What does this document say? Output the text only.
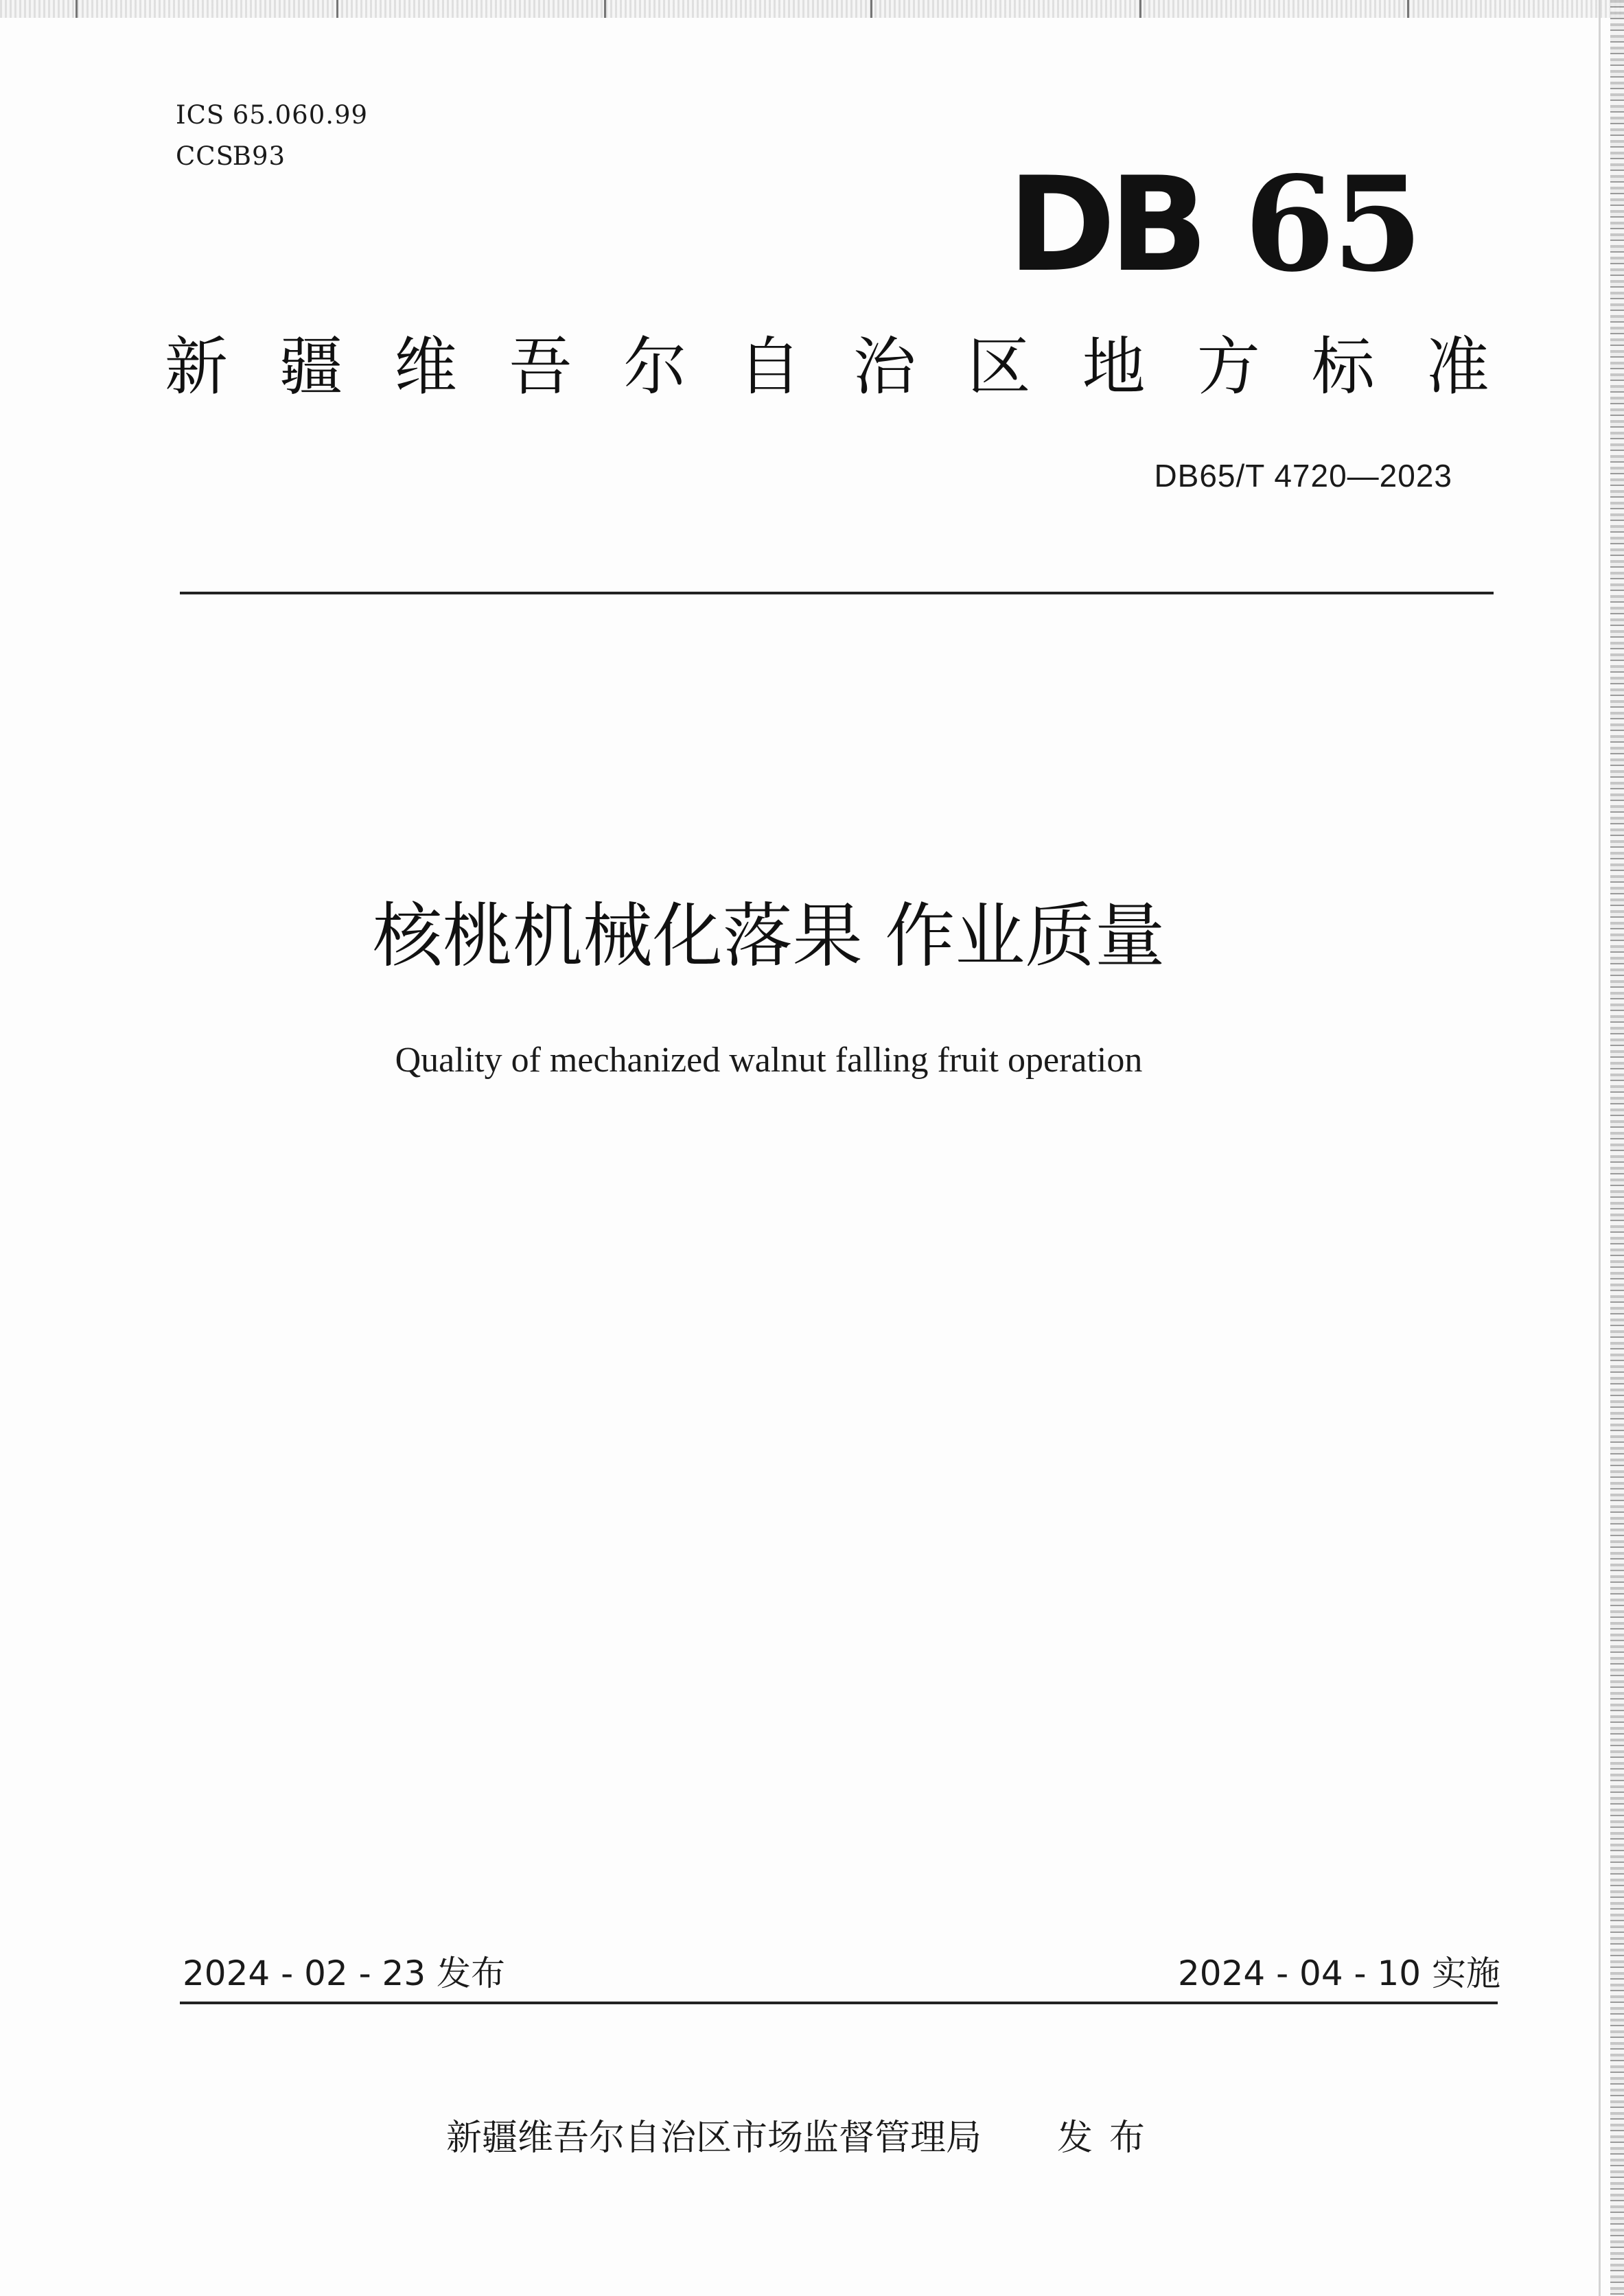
ICS 65.060.99
CCS B93	DB 65
新 疆 维 吾 尔 自 治 区 地 方 标 准
DB65/T 4720—2023
核桃机械化落果 作业质量
Quality of mechanized walnut falling fruit operation
2024 - 02 - 23 发布	2024 - 04 - 10 实施
新疆维吾尔自治区市场监督管理局 发布
